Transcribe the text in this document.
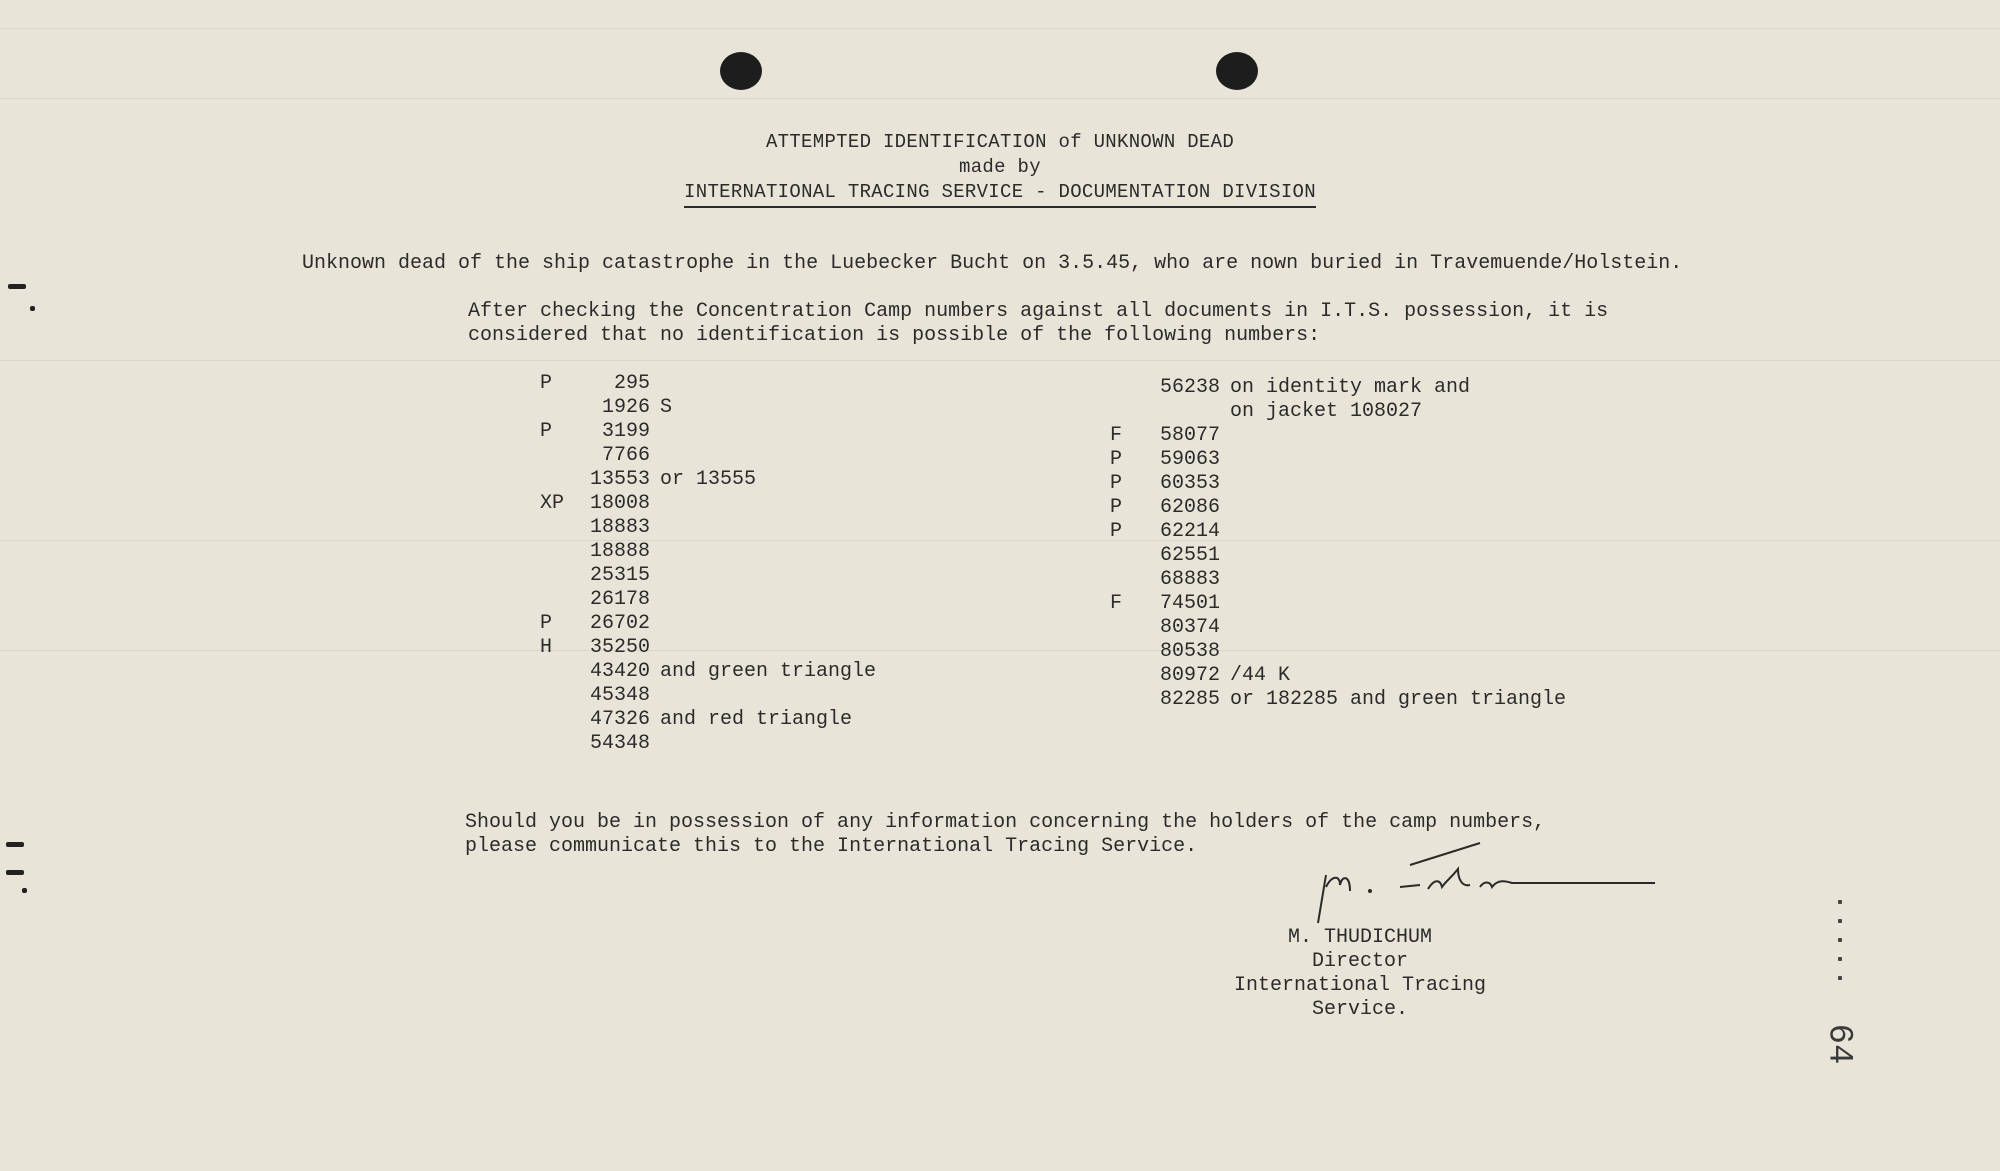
ATTEMPTED IDENTIFICATION of UNKNOWN DEAD
made by
INTERNATIONAL TRACING SERVICE - DOCUMENTATION DIVISION
Unknown dead of the ship catastrophe in the Luebecker Bucht on 3.5.45, who are nown buried in Travemuende/Holstein.
After checking the Concentration Camp numbers against all documents in I.T.S. possession, it is
considered that no identification is possible of the following numbers:
P	295
1926 S
P	3199
7766
13553 or 13555
XP	18008
18883
18888
25315
26178
P	26702
H	35250
43420 and green triangle
45348
47326 and red triangle
54348
56238 on identity mark and
on jacket 108027
F	58077
P	59063
P	60353
P	62086
P	62214
62551
68883
F	74501
80374
80538
80972 /44 K
82285 or 182285 and green triangle
Should you be in possession of any information concerning the holders of the camp numbers,
please communicate this to the International Tracing Service.
M. THUDICHUM
Director
International Tracing Service.
64
